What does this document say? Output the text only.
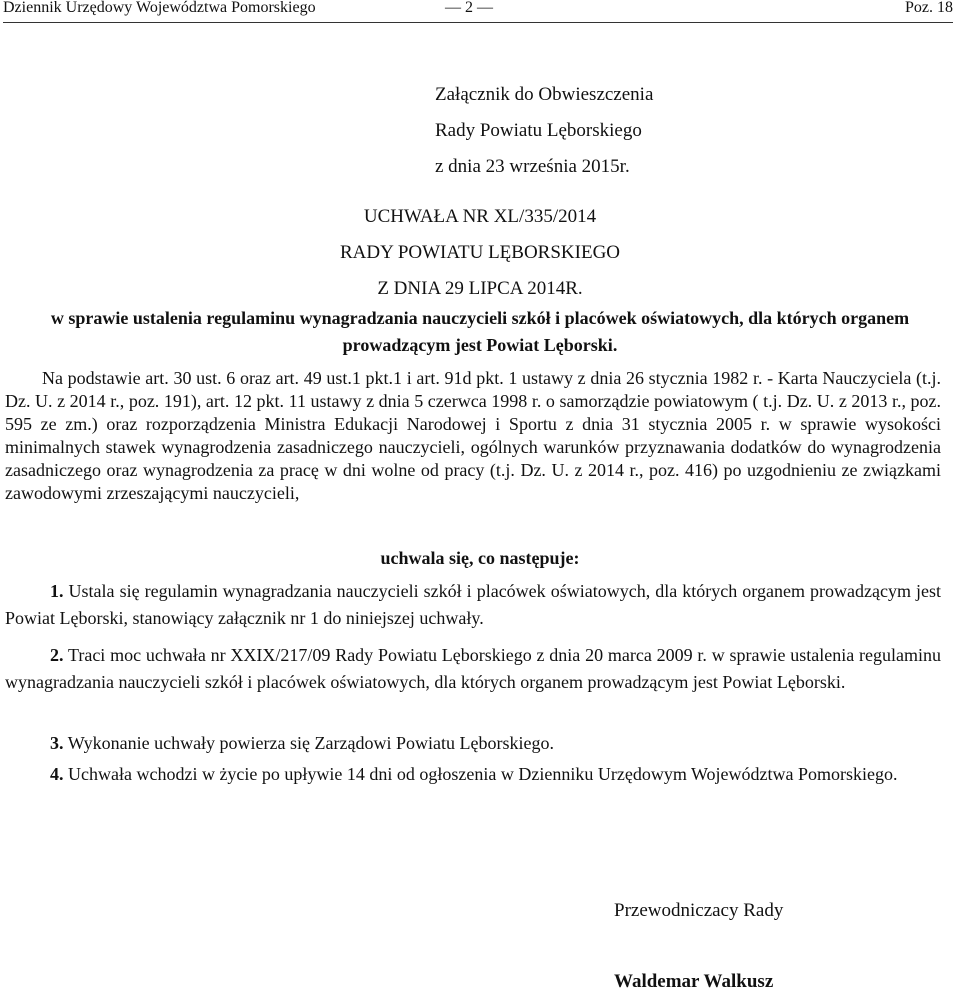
Dziennik Urzędowy Województwa Pomorskiego	— 2 —	Poz. 18
Załącznik do Obwieszczenia
Rady Powiatu Lęborskiego
z dnia 23 września 2015r.
UCHWAŁA NR XL/335/2014
RADY POWIATU LĘBORSKIEGO
Z DNIA 29 LIPCA 2014R.
w sprawie ustalenia regulaminu wynagradzania nauczycieli szkół i placówek oświatowych, dla których organem prowadzącym jest Powiat Lęborski.

Na podstawie art. 30 ust. 6 oraz art. 49 ust.1 pkt.1 i art. 91d pkt. 1 ustawy z dnia 26 stycznia 1982 r. - Karta Nauczyciela (t.j. Dz. U. z 2014 r., poz. 191), art. 12 pkt. 11 ustawy z dnia 5 czerwca 1998 r. o samorządzie powiatowym ( t.j. Dz. U. z 2013 r., poz. 595 ze zm.) oraz rozporządzenia Ministra Edukacji Narodowej i Sportu z dnia 31 stycznia 2005 r. w sprawie wysokości minimalnych stawek wynagrodzenia zasadniczego nauczycieli, ogólnych warunków przyznawania dodatków do wynagrodzenia zasadniczego oraz wynagrodzenia za pracę w dni wolne od pracy (t.j. Dz. U. z 2014 r., poz. 416) po uzgodnieniu ze związkami zawodowymi zrzeszającymi nauczycieli,

uchwala się, co następuje:

1. Ustala się regulamin wynagradzania nauczycieli szkół i placówek oświatowych, dla których organem prowadzącym jest Powiat Lęborski, stanowiący załącznik nr 1 do niniejszej uchwały.

2. Traci moc uchwała nr XXIX/217/09 Rady Powiatu Lęborskiego z dnia 20 marca 2009 r. w sprawie ustalenia regulaminu wynagradzania nauczycieli szkół i placówek oświatowych, dla których organem prowadzącym jest Powiat Lęborski.

3. Wykonanie uchwały powierza się Zarządowi Powiatu Lęborskiego.

4. Uchwała wchodzi w życie po upływie 14 dni od ogłoszenia w Dzienniku Urzędowym Województwa Pomorskiego.

Przewodniczacy Rady
Waldemar Walkusz
